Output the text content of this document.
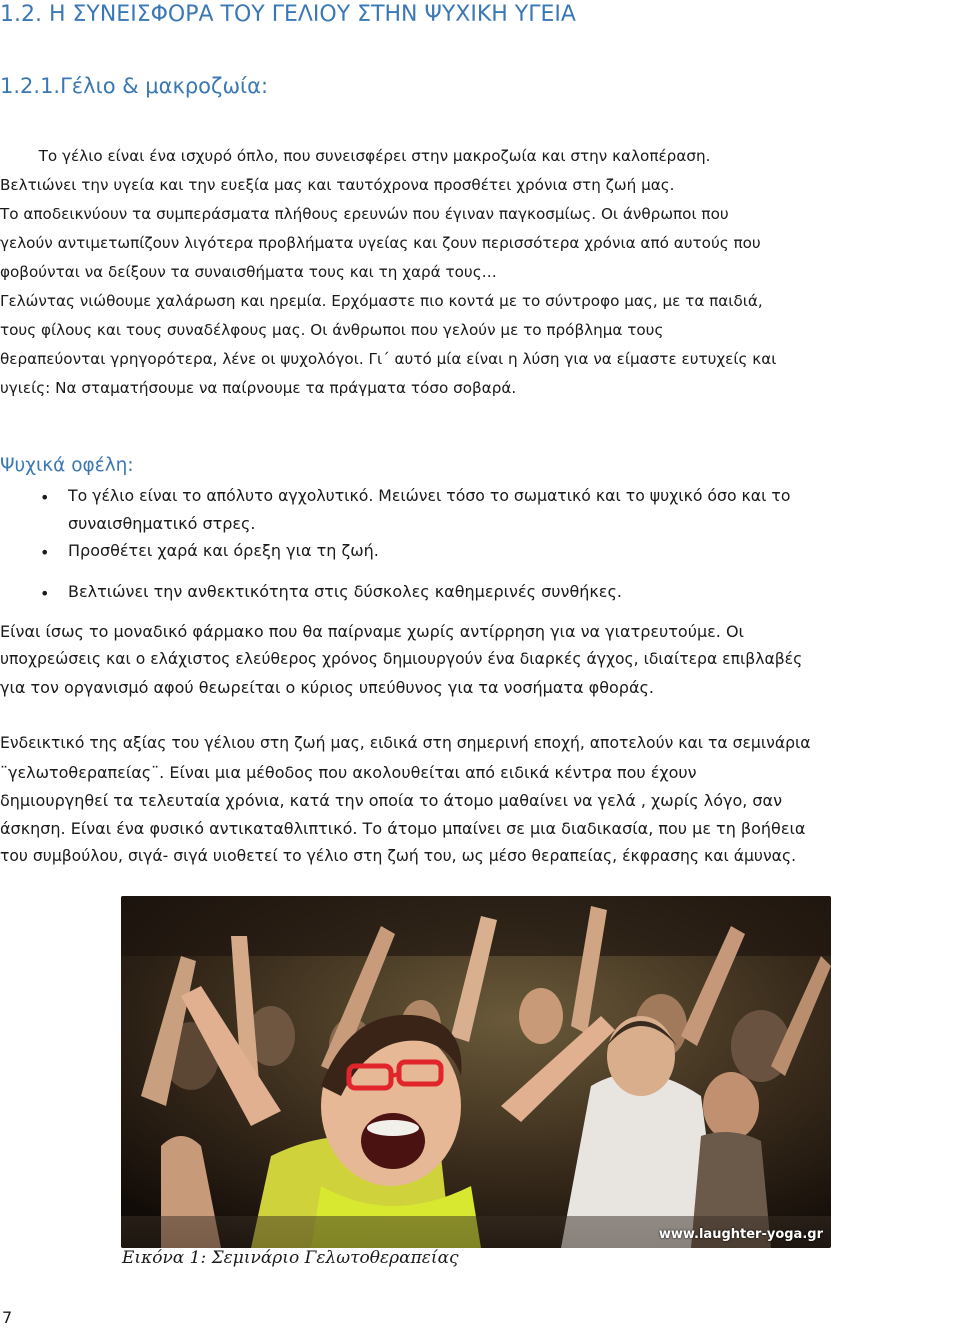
1.2. Η ΣΥΝΕΙΣΦΟΡΑ ΤΟΥ ΓΕΛΙΟΥ ΣΤΗΝ ΨΥΧΙΚΗ ΥΓΕΙΑ
1.2.1.Γέλιο & μακροζωία:
Το γέλιο είναι ένα ισχυρό όπλο, που συνεισφέρει στην μακροζωία και στην καλοπέραση.
Βελτιώνει την υγεία και την ευεξία μας και ταυτόχρονα προσθέτει χρόνια στη ζωή μας.
Το αποδεικνύουν τα συμπεράσματα πλήθους ερευνών που έγιναν παγκοσμίως. Οι άνθρωποι που
γελούν αντιμετωπίζουν λιγότερα προβλήματα υγείας και ζουν περισσότερα χρόνια από αυτούς που
φοβούνται να δείξουν τα συναισθήματα τους και τη χαρά τους…
Γελώντας νιώθουμε χαλάρωση και ηρεμία. Ερχόμαστε πιο κοντά με το σύντροφο μας, με τα παιδιά,
τους φίλους και τους συναδέλφους μας. Οι άνθρωποι που γελούν με το πρόβλημα τους
θεραπεύονται γρηγορότερα, λένε οι ψυχολόγοι. Γι΄ αυτό μία είναι η λύση για να είμαστε ευτυχείς και
υγιείς: Να σταματήσουμε να παίρνουμε τα πράγματα τόσο σοβαρά.
Ψυχικά οφέλη:
• Το γέλιο είναι το απόλυτο αγχολυτικό. Μειώνει τόσο το σωματικό και το ψυχικό όσο και το
συναισθηματικό στρες.
• Προσθέτει χαρά και όρεξη για τη ζωή.
• Βελτιώνει την ανθεκτικότητα στις δύσκολες καθημερινές συνθήκες.
Είναι ίσως το μοναδικό φάρμακο που θα παίρναμε χωρίς αντίρρηση για να γιατρευτούμε. Οι
υποχρεώσεις και ο ελάχιστος ελεύθερος χρόνος δημιουργούν ένα διαρκές άγχος, ιδιαίτερα επιβλαβές
για τον οργανισμό αφού θεωρείται ο κύριος υπεύθυνος για τα νοσήματα φθοράς.
Ενδεικτικό της αξίας του γέλιου στη ζωή μας, ειδικά στη σημερινή εποχή, αποτελούν και τα σεμινάρια
¨γελωτοθεραπείας¨. Είναι μια μέθοδος που ακολουθείται από ειδικά κέντρα που έχουν
δημιουργηθεί τα τελευταία χρόνια, κατά την οποία το άτομο μαθαίνει να γελά , χωρίς λόγο, σαν
άσκηση. Είναι ένα φυσικό αντικαταθλιπτικό. Το άτομο μπαίνει σε μια διαδικασία, που με τη βοήθεια
του συμβούλου, σιγά- σιγά υιοθετεί το γέλιο στη ζωή του, ως μέσο θεραπείας, έκφρασης και άμυνας.
www.laughter-yoga.gr
Εικόνα 1: Σεμινάριο Γελωτοθεραπείας
7
